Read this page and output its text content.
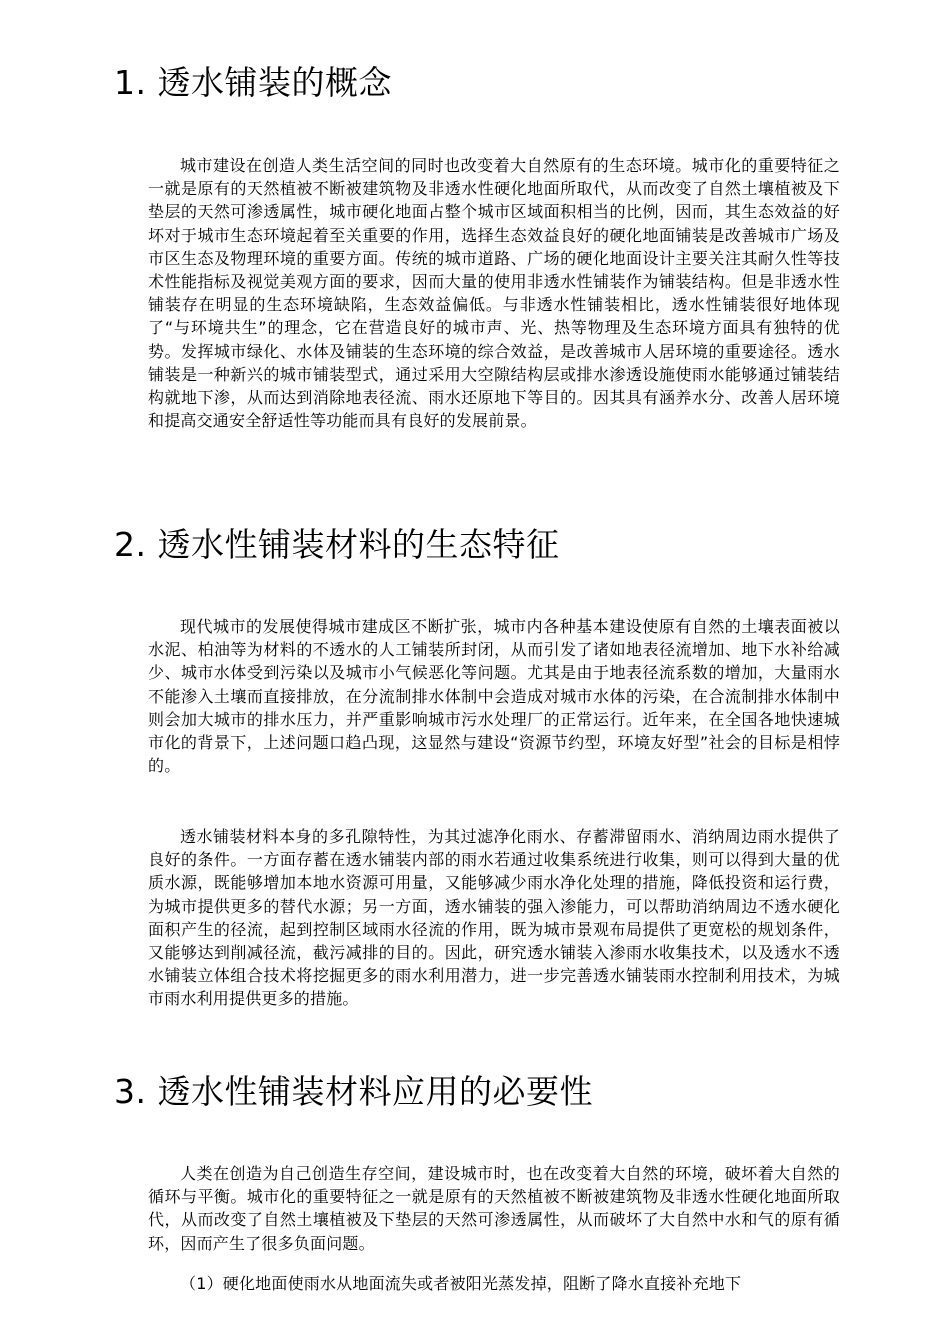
1. 透水铺装的概念

城市建设在创造人类生活空间的同时也改变着大自然原有的生态环境。城市化的重要特征之一就是原有的天然植被不断被建筑物及非透水性硬化地面所取代，从而改变了自然土壤植被及下垫层的天然可渗透属性，城市硬化地面占整个城市区域面积相当的比例，因而，其生态效益的好坏对于城市生态环境起着至关重要的作用，选择生态效益良好的硬化地面铺装是改善城市广场及市区生态及物理环境的重要方面。传统的城市道路、广场的硬化地面设计主要关注其耐久性等技术性能指标及视觉美观方面的要求，因而大量的使用非透水性铺装作为铺装结构。但是非透水性铺装存在明显的生态环境缺陷，生态效益偏低。与非透水性铺装相比，透水性铺装很好地体现了“与环境共生”的理念，它在营造良好的城市声、光、热等物理及生态环境方面具有独特的优势。发挥城市绿化、水体及铺装的生态环境的综合效益，是改善城市人居环境的重要途径。透水铺装是一种新兴的城市铺装型式，通过采用大空隙结构层或排水渗透设施使雨水能够通过铺装结构就地下渗，从而达到消除地表径流、雨水还原地下等目的。因其具有涵养水分、改善人居环境和提高交通安全舒适性等功能而具有良好的发展前景。

2. 透水性铺装材料的生态特征

现代城市的发展使得城市建成区不断扩张，城市内各种基本建设使原有自然的土壤表面被以水泥、柏油等为材料的不透水的人工铺装所封闭，从而引发了诸如地表径流增加、地下水补给减少、城市水体受到污染以及城市小气候恶化等问题。尤其是由于地表径流系数的增加，大量雨水不能渗入土壤而直接排放，在分流制排水体制中会造成对城市水体的污染，在合流制排水体制中则会加大城市的排水压力，并严重影响城市污水处理厂的正常运行。近年来，在全国各地快速城市化的背景下，上述问题口趋凸现，这显然与建设“资源节约型，环境友好型”社会的目标是相悖的。

透水铺装材料本身的多孔隙特性，为其过滤净化雨水、存蓄滞留雨水、消纳周边雨水提供了良好的条件。一方面存蓄在透水铺装内部的雨水若通过收集系统进行收集，则可以得到大量的优质水源，既能够增加本地水资源可用量，又能够减少雨水净化处理的措施，降低投资和运行费，为城市提供更多的替代水源；另一方面，透水铺装的强入渗能力，可以帮助消纳周边不透水硬化面积产生的径流，起到控制区域雨水径流的作用，既为城市景观布局提供了更宽松的规划条件，又能够达到削减径流，截污减排的目的。因此，研究透水铺装入渗雨水收集技术，以及透水不透水铺装立体组合技术将挖掘更多的雨水利用潜力，进一步完善透水铺装雨水控制利用技术，为城市雨水利用提供更多的措施。

3. 透水性铺装材料应用的必要性

人类在创造为自己创造生存空间，建设城市时，也在改变着大自然的环境，破坏着大自然的循环与平衡。城市化的重要特征之一就是原有的天然植被不断被建筑物及非透水性硬化地面所取代，从而改变了自然土壤植被及下垫层的天然可渗透属性，从而破坏了大自然中水和气的原有循环，因而产生了很多负面问题。

（1）硬化地面使雨水从地面流失或者被阳光蒸发掉，阻断了降水直接补充地下
